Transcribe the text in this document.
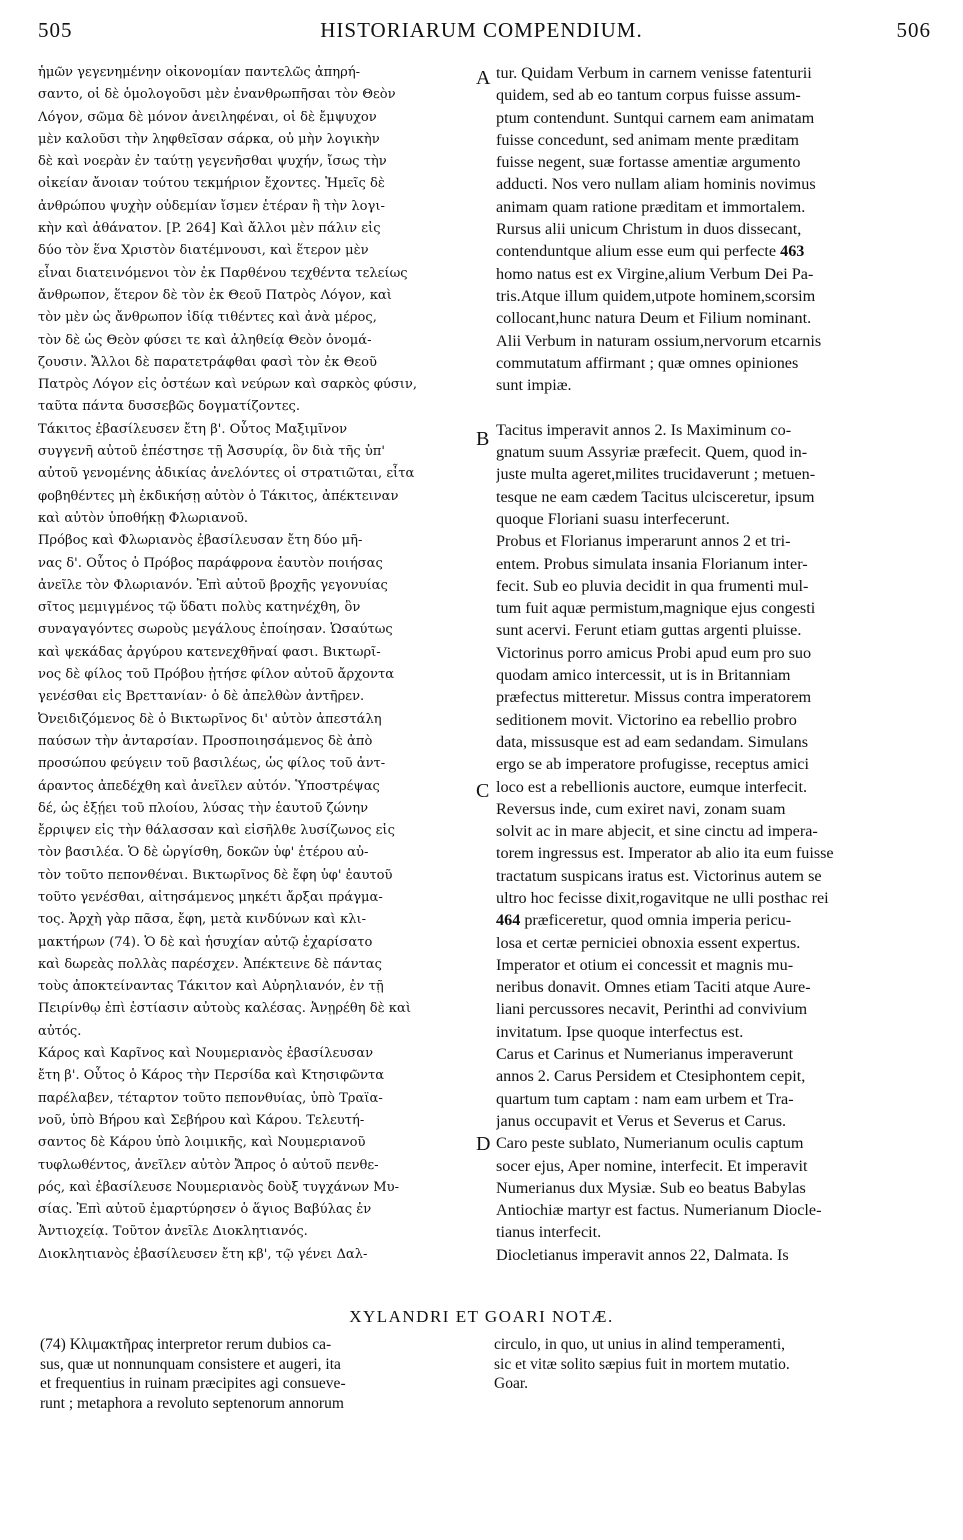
505	HISTORIARUM COMPENDIUM.	506
A
B
C
D
ἡμῶν γεγενημένην οἰκονομίαν παντελῶς ἀπηρή-
σαντο, οἱ δὲ ὁμολογοῦσι μὲν ἐνανθρωπῆσαι τὸν Θεὸν
Λόγον, σῶμα δὲ μόνον ἀνειληφέναι, οἱ δὲ ἔμψυχον
μὲν καλοῦσι τὴν ληφθεῖσαν σάρκα, οὐ μὴν λογικὴν
δὲ καὶ νοερὰν ἐν ταύτῃ γεγενῆσθαι ψυχήν, ἴσως τὴν
οἰκείαν ἄνοιαν τούτου τεκμήριον ἔχοντες. Ἡμεῖς δὲ
ἀνθρώπου ψυχὴν οὐδεμίαν ἴσμεν ἑτέραν ἢ τὴν λογι-
κὴν καὶ ἀθάνατον. [P. 264] Καὶ ἄλλοι μὲν πάλιν εἰς
δύο τὸν ἕνα Χριστὸν διατέμνουσι, καὶ ἕτερον μὲν
εἶναι διατεινόμενοι τὸν ἐκ Παρθένου τεχθέντα τελείως
ἄνθρωπον, ἕτερον δὲ τὸν ἐκ Θεοῦ Πατρὸς Λόγον, καὶ
τὸν μὲν ὡς ἄνθρωπον ἰδίᾳ τιθέντες καὶ ἀνὰ μέρος,
τὸν δὲ ὡς Θεὸν φύσει τε καὶ ἀληθείᾳ Θεὸν ὀνομά-
ζουσιν. Ἄλλοι δὲ παρατετράφθαι φασὶ τὸν ἐκ Θεοῦ
Πατρὸς Λόγον εἰς ὀστέων καὶ νεύρων καὶ σαρκὸς φύσιν,
ταῦτα πάντα δυσσεβῶς δογματίζοντες.
Τάκιτος ἐβασίλευσεν ἔτη β'. Οὗτος Μαξιμῖνον
συγγενῆ αὐτοῦ ἐπέστησε τῇ Ἀσσυρίᾳ, ὃν διὰ τῆς ὑπ'
αὐτοῦ γενομένης ἀδικίας ἀνελόντες οἱ στρατιῶται, εἶτα
φοβηθέντες μὴ ἐκδικήσῃ αὐτὸν ὁ Τάκιτος, ἀπέκτειναν
καὶ αὐτὸν ὑποθήκῃ Φλωριανοῦ.
Πρόβος καὶ Φλωριανὸς ἐβασίλευσαν ἔτη δύο μῆ-
νας δ'. Οὗτος ὁ Πρόβος παράφρονα ἑαυτὸν ποιήσας
ἀνεῖλε τὸν Φλωριανόν. Ἐπὶ αὐτοῦ βροχῆς γεγονυίας
σῖτος μεμιγμένος τῷ ὕδατι πολὺς κατηνέχθη, ὃν
συναγαγόντες σωροὺς μεγάλους ἐποίησαν. Ὡσαύτως
καὶ ψεκάδας ἀργύρου κατενεχθῆναί φασι. Βικτωρῖ-
νος δὲ φίλος τοῦ Πρόβου ᾐτήσε φίλον αὐτοῦ ἄρχοντα
γενέσθαι εἰς Βρεττανίαν· ὁ δὲ ἀπελθὼν ἀντῆρεν.
Ὀνειδιζόμενος δὲ ὁ Βικτωρῖνος δι' αὐτὸν ἀπεστάλη
παύσων τὴν ἀνταρσίαν. Προσποιησάμενος δὲ ἀπὸ
προσώπου φεύγειν τοῦ βασιλέως, ὡς φίλος τοῦ ἀντ-
άραντος ἀπεδέχθη καὶ ἀνεῖλεν αὐτόν. Ὑποστρέψας
δέ, ὡς ἐξῄει τοῦ πλοίου, λύσας τὴν ἑαυτοῦ ζώνην
ἔρριψεν εἰς τὴν θάλασσαν καὶ εἰσῆλθε λυσίζωνος εἰς
τὸν βασιλέα. Ὁ δὲ ὠργίσθη, δοκῶν ὑφ' ἑτέρου αὐ-
τὸν τοῦτο πεπονθέναι. Βικτωρῖνος δὲ ἔφη ὑφ' ἑαυτοῦ
τοῦτο γενέσθαι, αἰτησάμενος μηκέτι ἄρξαι πράγμα-
τος. Ἀρχὴ γὰρ πᾶσα, ἔφη, μετὰ κινδύνων καὶ κλι-
μακτήρων (74). Ὁ δὲ καὶ ἡσυχίαν αὐτῷ ἐχαρίσατο
καὶ δωρεὰς πολλὰς παρέσχεν. Ἀπέκτεινε δὲ πάντας
τοὺς ἀποκτείναντας Τάκιτον καὶ Αὐρηλιανόν, ἐν τῇ
Πειρίνθῳ ἐπὶ ἑστίασιν αὐτοὺς καλέσας. Ἀνῃρέθη δὲ καὶ
αὐτός.
Κάρος καὶ Καρῖνος καὶ Νουμεριανὸς ἐβασίλευσαν
ἔτη β'. Οὗτος ὁ Κάρος τὴν Περσίδα καὶ Κτησιφῶντα
παρέλαβεν, τέταρτον τοῦτο πεπονθυίας, ὑπὸ Τραϊα-
νοῦ, ὑπὸ Βήρου καὶ Σεβήρου καὶ Κάρου. Τελευτή-
σαντος δὲ Κάρου ὑπὸ λοιμικῆς, καὶ Νουμεριανοῦ
τυφλωθέντος, ἀνεῖλεν αὐτὸν Ἄπρος ὁ αὐτοῦ πενθε-
ρός, καὶ ἐβασίλευσε Νουμεριανὸς δοὺξ τυγχάνων Μυ-
σίας. Ἐπὶ αὐτοῦ ἐμαρτύρησεν ὁ ἅγιος Βαβύλας ἐν
Ἀντιοχείᾳ. Τοῦτον ἀνεῖλε Διοκλητιανός.
Διοκλητιανὸς ἐβασίλευσεν ἔτη κβ', τῷ γένει Δαλ-
tur. Quidam Verbum in carnem venisse fatenturii
quidem, sed ab eo tantum corpus fuisse assum-
ptum contendunt. Suntqui carnem eam animatam
fuisse concedunt, sed animam mente præditam
fuisse negent, suæ fortasse amentiæ argumento
adducti. Nos vero nullam aliam hominis novimus
animam quam ratione præditam et immortalem.
Rursus alii unicum Christum in duos dissecant,
contenduntque alium esse eum qui perfecte 463
homo natus est ex Virgine,alium Verbum Dei Pa-
tris.Atque illum quidem,utpote hominem,scorsim
collocant,hunc natura Deum et Filium nominant.
Alii Verbum in naturam ossium,nervorum etcarnis
commutatum affirmant ; quæ omnes opiniones
sunt impiæ.
Tacitus imperavit annos 2. Is Maximinum co-
gnatum suum Assyriæ præfecit. Quem, quod in-
juste multa ageret,milites trucidaverunt ; metuen-
tesque ne eam cædem Tacitus ulcisceretur, ipsum
quoque Floriani suasu interfecerunt.
Probus et Florianus imperarunt annos 2 et tri-
entem. Probus simulata insania Florianum inter-
fecit. Sub eo pluvia decidit in qua frumenti mul-
tum fuit aquæ permistum,magnique ejus congesti
sunt acervi. Ferunt etiam guttas argenti pluisse.
Victorinus porro amicus Probi apud eum pro suo
quodam amico intercessit, ut is in Britanniam
præfectus mitteretur. Missus contra imperatorem
seditionem movit. Victorino ea rebellio probro
data, missusque est ad eam sedandam. Simulans
ergo se ab imperatore profugisse, receptus amici
loco est a rebellionis auctore, eumque interfecit.
Reversus inde, cum exiret navi, zonam suam
solvit ac in mare abjecit, et sine cinctu ad impera-
torem ingressus est. Imperator ab alio ita eum fuisse
tractatum suspicans iratus est. Victorinus autem se
ultro hoc fecisse dixit,rogavitque ne ulli posthac rei
464 præficeretur, quod omnia imperia pericu-
losa et certæ perniciei obnoxia essent expertus.
Imperator et otium ei concessit et magnis mu-
neribus donavit. Omnes etiam Taciti atque Aure-
liani percussores necavit, Perinthi ad convivium
invitatum. Ipse quoque interfectus est.
Carus et Carinus et Numerianus imperaverunt
annos 2. Carus Persidem et Ctesiphontem cepit,
quartum tum captam : nam eam urbem et Tra-
janus occupavit et Verus et Severus et Carus.
Caro peste sublato, Numerianum oculis captum
socer ejus, Aper nomine, interfecit. Et imperavit
Numerianus dux Mysiæ. Sub eo beatus Babylas
Antiochiæ martyr est factus. Numerianum Diocle-
tianus interfecit.
Diocletianus imperavit annos 22, Dalmata. Is
XYLANDRI ET GOARI NOTÆ.
(74) Κλιμακτῆρας interpretor rerum dubios ca-
sus, quæ ut nonnunquam consistere et augeri, ita
et frequentius in ruinam præcipites agi consueve-
runt ; metaphora a revoluto septenorum annorum
circulo, in quo, ut unius in alind temperamenti,
sic et vitæ solito sæpius fuit in mortem mutatio.
Goar.
